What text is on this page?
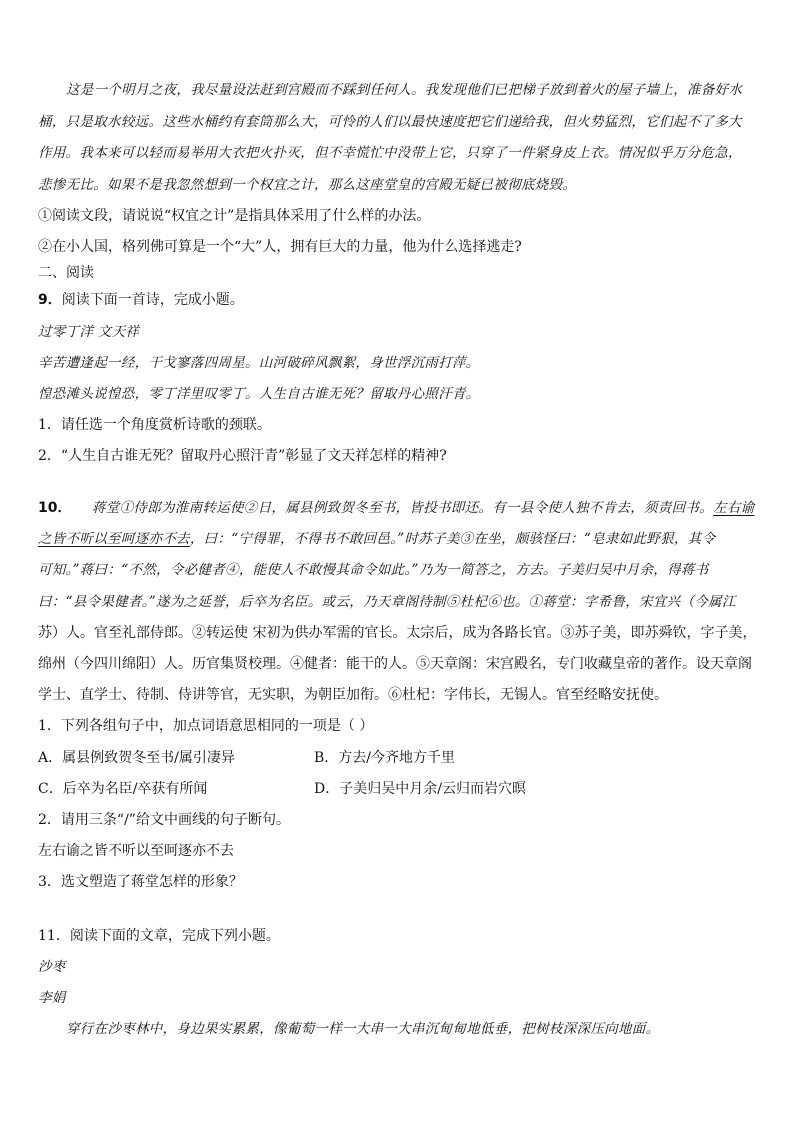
这是一个明月之夜，我尽量设法赶到宫殿而不踩到任何人。我发现他们已把梯子放到着火的屋子墙上，准备好水
桶，只是取水较远。这些水桶约有套筒那么大，可怜的人们以最快速度把它们递给我，但火势猛烈，它们起不了多大
作用。我本来可以轻而易举用大衣把火扑灭，但不幸慌忙中没带上它，只穿了一件紧身皮上衣。情况似乎万分危急，
悲惨无比。如果不是我忽然想到一个权宜之计，那么这座堂皇的宫殿无疑已被彻底烧毁。
①阅读文段，请说说“权宜之计”是指具体采用了什么样的办法。
②在小人国，格列佛可算是一个“大”人，拥有巨大的力量，他为什么选择逃走?
二、阅读
9．阅读下面一首诗，完成小题。
过零丁洋 文天祥
辛苦遭逢起一经，干戈寥落四周星。山河破碎风飘絮，身世浮沉雨打萍。
惶恐滩头说惶恐，零丁洋里叹零丁。人生自古谁无死？留取丹心照汗青。
1．请任选一个角度赏析诗歌的颈联。
2．“人生自古谁无死？留取丹心照汗青”彰显了文天祥怎样的精神?
10． 蒋堂①侍郎为淮南转运使②日，属县例致贺冬至书，皆投书即还。有一县令使人独不肯去，须责回书。左右谕
之皆不听以至呵逐亦不去，曰：“宁得罪，不得书不敢回邑。”时苏子美③在坐，颇骇怪曰：“皂隶如此野狠，其令
可知。”蒋曰：“不然，令必健者④，能使人不敢慢其命令如此。”乃为一简答之，方去。子美归吴中月余，得蒋书
曰：“县令果健者。”遂为之延誉，后卒为名臣。或云，乃天章阁待制⑤杜杞⑥也。①蒋堂：字希鲁，宋宜兴（今属江
苏）人。官至礼部侍郎。②转运使 宋初为供办军需的官长。太宗后，成为各路长官。③苏子美，即苏舜钦，字子美，
绵州（今四川绵阳）人。历官集贤校理。④健者：能干的人。⑤天章阁：宋宫殿名，专门收藏皇帝的著作。设天章阁
学士、直学士、待制、侍讲等官，无实职，为朝臣加衔。⑥杜杞：字伟长，无锡人。官至经略安抚使。
1．下列各组句子中，加点词语意思相同的一项是（ ）
A．属县例致贺冬至书/属引凄异	B．方去/今齐地方千里
C．后卒为名臣/卒获有所闻	D．子美归吴中月余/云归而岩穴暝
2．请用三条“/”给文中画线的句子断句。
左右谕之皆不听以至呵逐亦不去
3．选文塑造了蒋堂怎样的形象？
11．阅读下面的文章，完成下列小题。
沙枣
李娟
穿行在沙枣林中，身边果实累累，像葡萄一样一大串一大串沉甸甸地低垂，把树枝深深压向地面。
